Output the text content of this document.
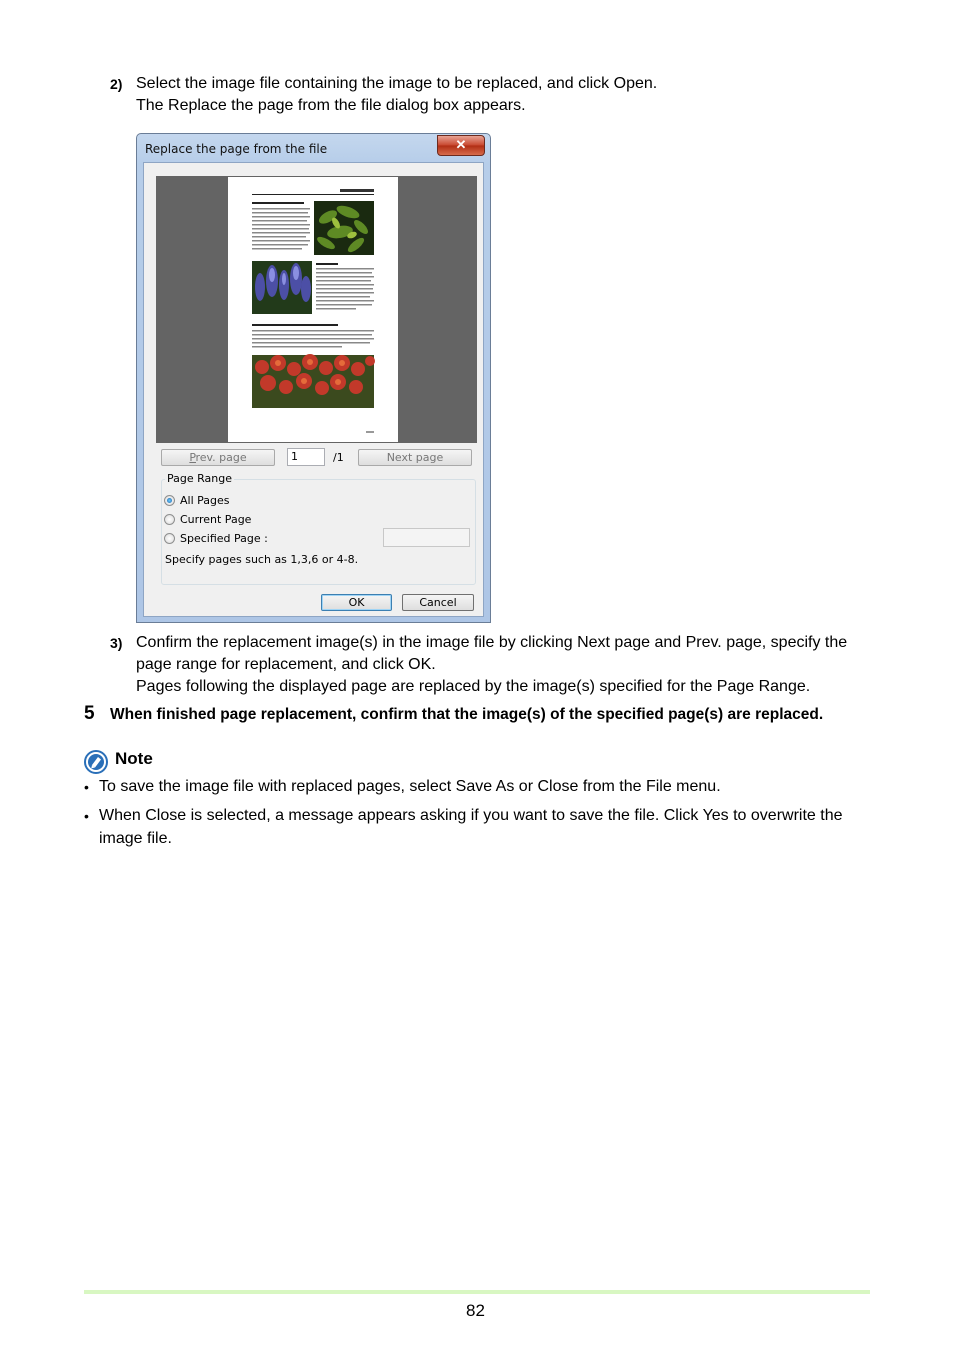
2) Select the image file containing the image to be replaced, and click Open.
The Replace the page from the file dialog box appears.
Replace the page from the file	✕
Prev. page	1	/1	Next page
Page Range
All Pages
Current Page
Specified Page :
Specify pages such as 1,3,6 or 4-8.
OK	Cancel
3) Confirm the replacement image(s) in the image file by clicking Next page and Prev. page, specify the
page range for replacement, and click OK.
Pages following the displayed page are replaced by the image(s) specified for the Page Range.
5 When finished page replacement, confirm that the image(s) of the specified page(s) are replaced.
Note
• To save the image file with replaced pages, select Save As or Close from the File menu.
• When Close is selected, a message appears asking if you want to save the file. Click Yes to overwrite the
image file.
82
